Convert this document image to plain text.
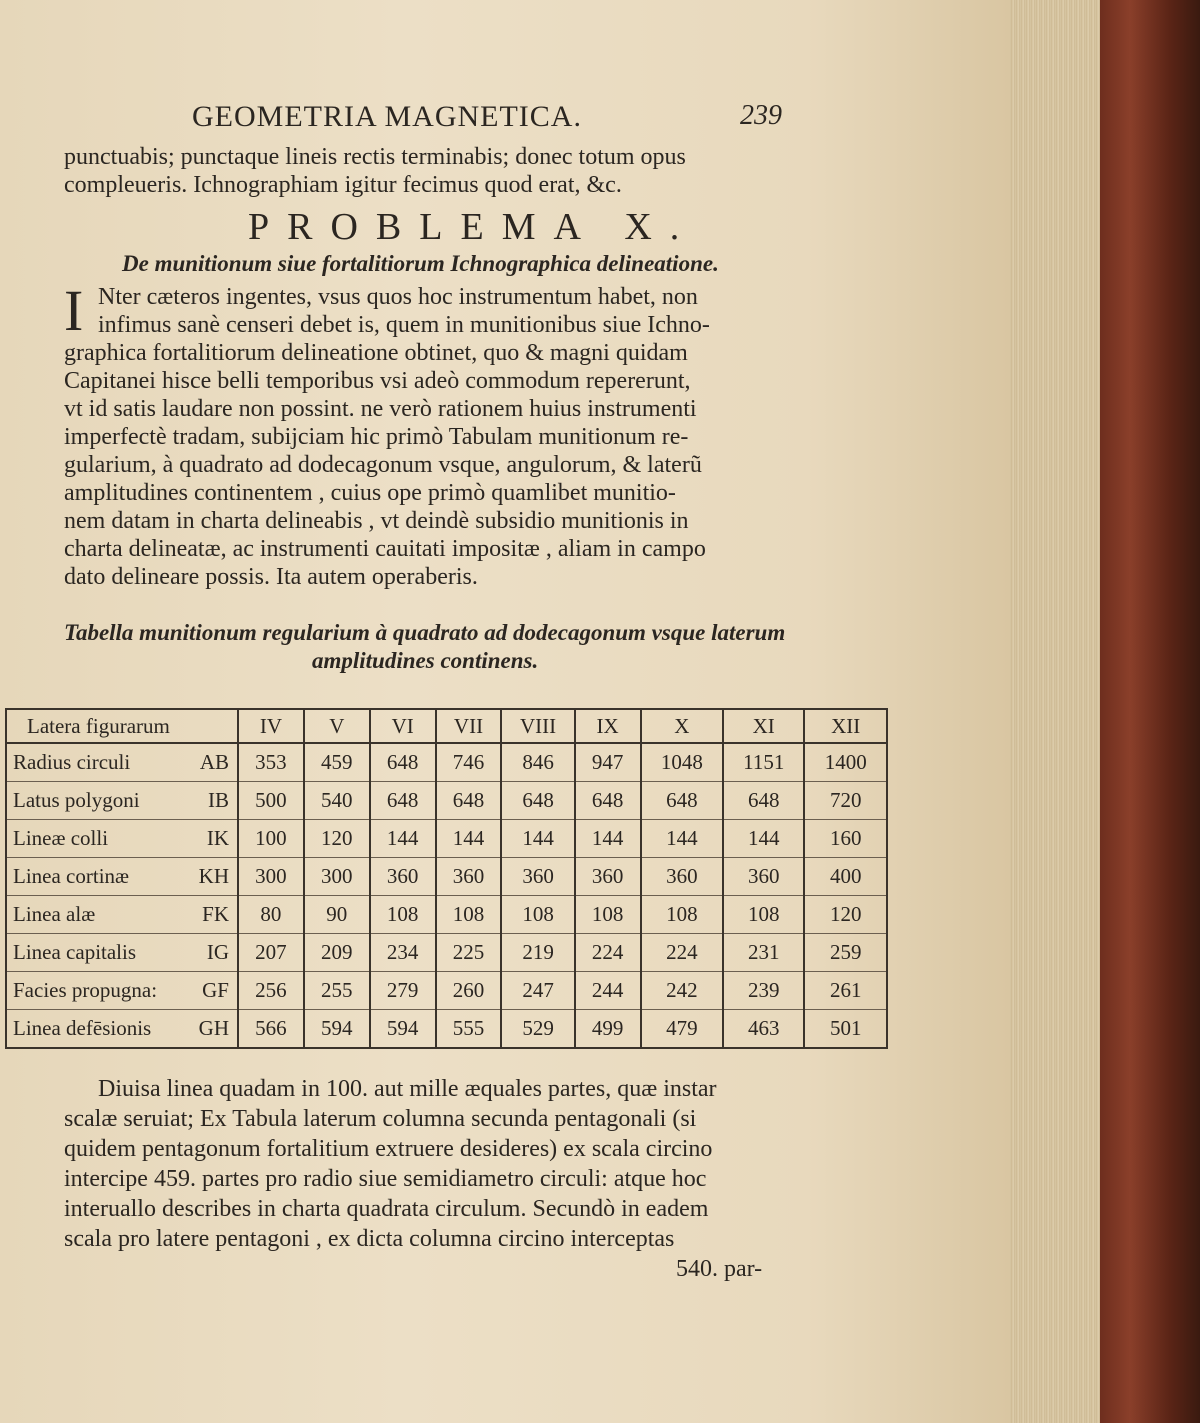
GEOMETRIA MAGNETICA.	239
punctuabis; punctaque lineis rectis terminabis; donec totum opus
compleueris. Ichnographiam igitur fecimus quod erat, &c.
PROBLEMA X.
De munitionum siue fortalitiorum Ichnographica delineatione.
I Nter cæteros ingentes, vsus quos hoc instrumentum habet, non
infimus sanè censeri debet is, quem in munitionibus siue Ichno-
graphica fortalitiorum delineatione obtinet, quo & magni quidam
Capitanei hisce belli temporibus vsi adeò commodum repererunt,
vt id satis laudare non possint. ne verò rationem huius instrumenti
imperfectè tradam, subijciam hic primò Tabulam munitionum re-
gularium, à quadrato ad dodecagonum vsque, angulorum, & laterũ
amplitudines continentem , cuius ope primò quamlibet munitio-
nem datam in charta delineabis , vt deindè subsidio munitionis in
charta delineatæ, ac instrumenti cauitati impositæ , aliam in campo
dato delineare possis. Ita autem operaberis.
Tabella munitionum regularium à quadrato ad dodecagonum vsque laterum
amplitudines continens.
Latera figurarum	IV	V	VI	VII	VIII	IX	X	XI	XII

Radius circuli AB	353	459	648	746	846	947	1048	1151	1400

Latus polygoni IB	500	540	648	648	648	648	648	648	720

Lineæ colli IK	100	120	144	144	144	144	144	144	160

Linea cortinæ KH	300	300	360	360	360	360	360	360	400

Linea alæ FK	80	90	108	108	108	108	108	108	120

Linea capitalis IG	207	209	234	225	219	224	224	231	259

Facies propugna: GF	256	255	279	260	247	244	242	239	261

Linea defēsionis GH	566	594	594	555	529	499	479	463	501
Diuisa linea quadam in 100. aut mille æquales partes, quæ instar
scalæ seruiat; Ex Tabula laterum columna secunda pentagonali (si
quidem pentagonum fortalitium extruere desideres) ex scala circino
intercipe 459. partes pro radio siue semidiametro circuli: atque hoc
interuallo describes in charta quadrata circulum. Secundò in eadem
scala pro latere pentagoni , ex dicta columna circino interceptas
540. par-
